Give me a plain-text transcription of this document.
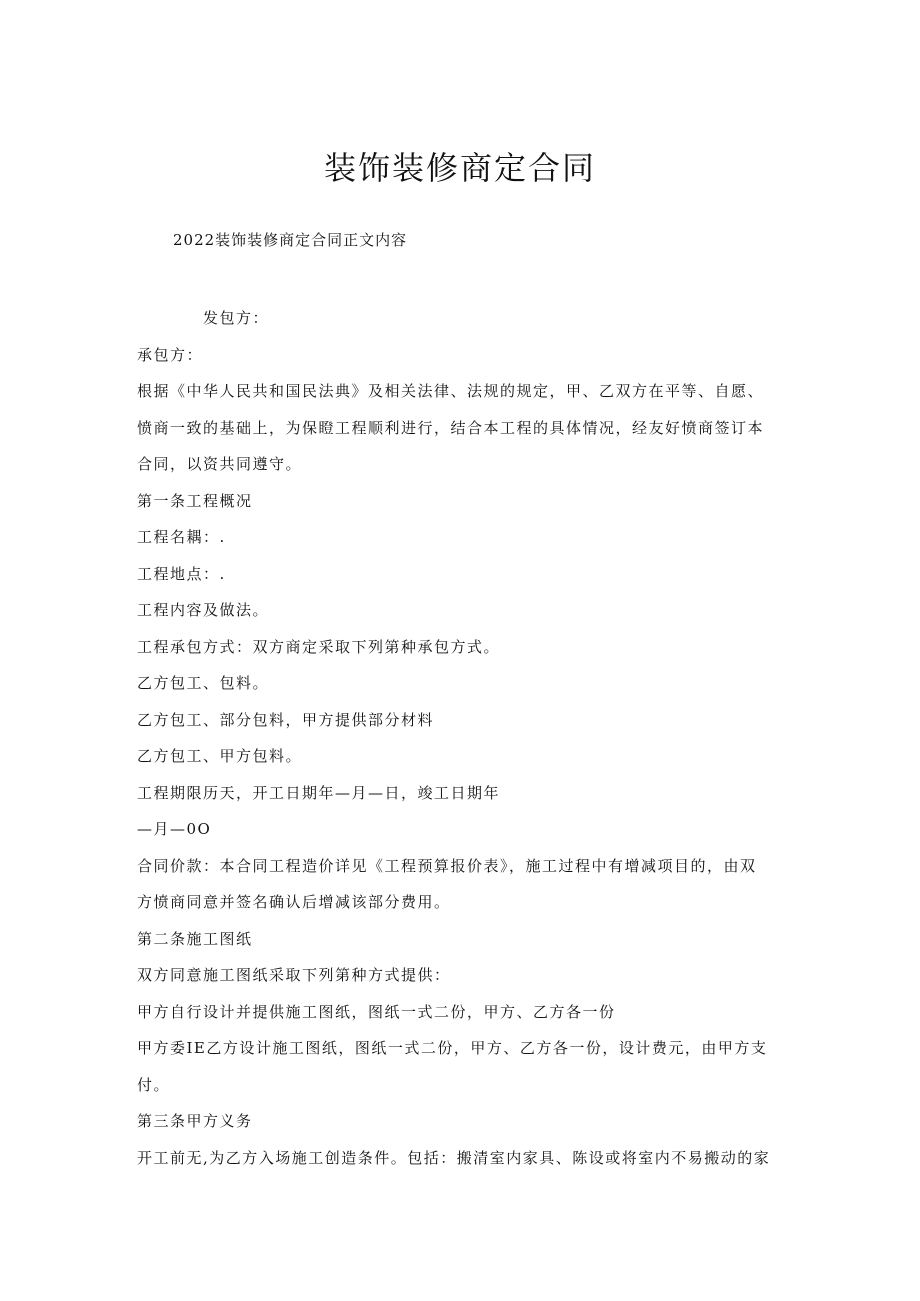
装饰装修商定合同

2022装饰装修商定合同正文内容

发包方：

承包方：

根据《中华人民共和国民法典》及相关法律、法规的规定，甲、乙双方在平等、自愿、

愤商一致的基础上，为保瞪工程顺利进行，结合本工程的具体情况，经友好愤商签订本

合同，以资共同遵守。

第一条工程概况

工程名耦：.

工程地点：.

工程内容及做法。

工程承包方式：双方商定采取下列第种承包方式。

乙方包工、包料。

乙方包工、部分包料，甲方提供部分材料

乙方包工、甲方包料。

工程期限历天，开工日期年—月—日，竣工日期年

—月—0O

合同价款：本合同工程造价详见《工程预算报价表》，施工过程中有增减项目的，由双

方愤商同意并签名确认后增减该部分费用。

第二条施工图纸

双方同意施工图纸采取下列第种方式提供：

甲方自行设计并提供施工图纸，图纸一式二份，甲方、乙方各一份

甲方委IE乙方设计施工图纸，图纸一式二份，甲方、乙方各一份，设计费元，由甲方支

付。

第三条甲方义务

开工前无,为乙方入场施工创造条件。包括：搬清室内家具、陈设或将室内不易搬动的家
